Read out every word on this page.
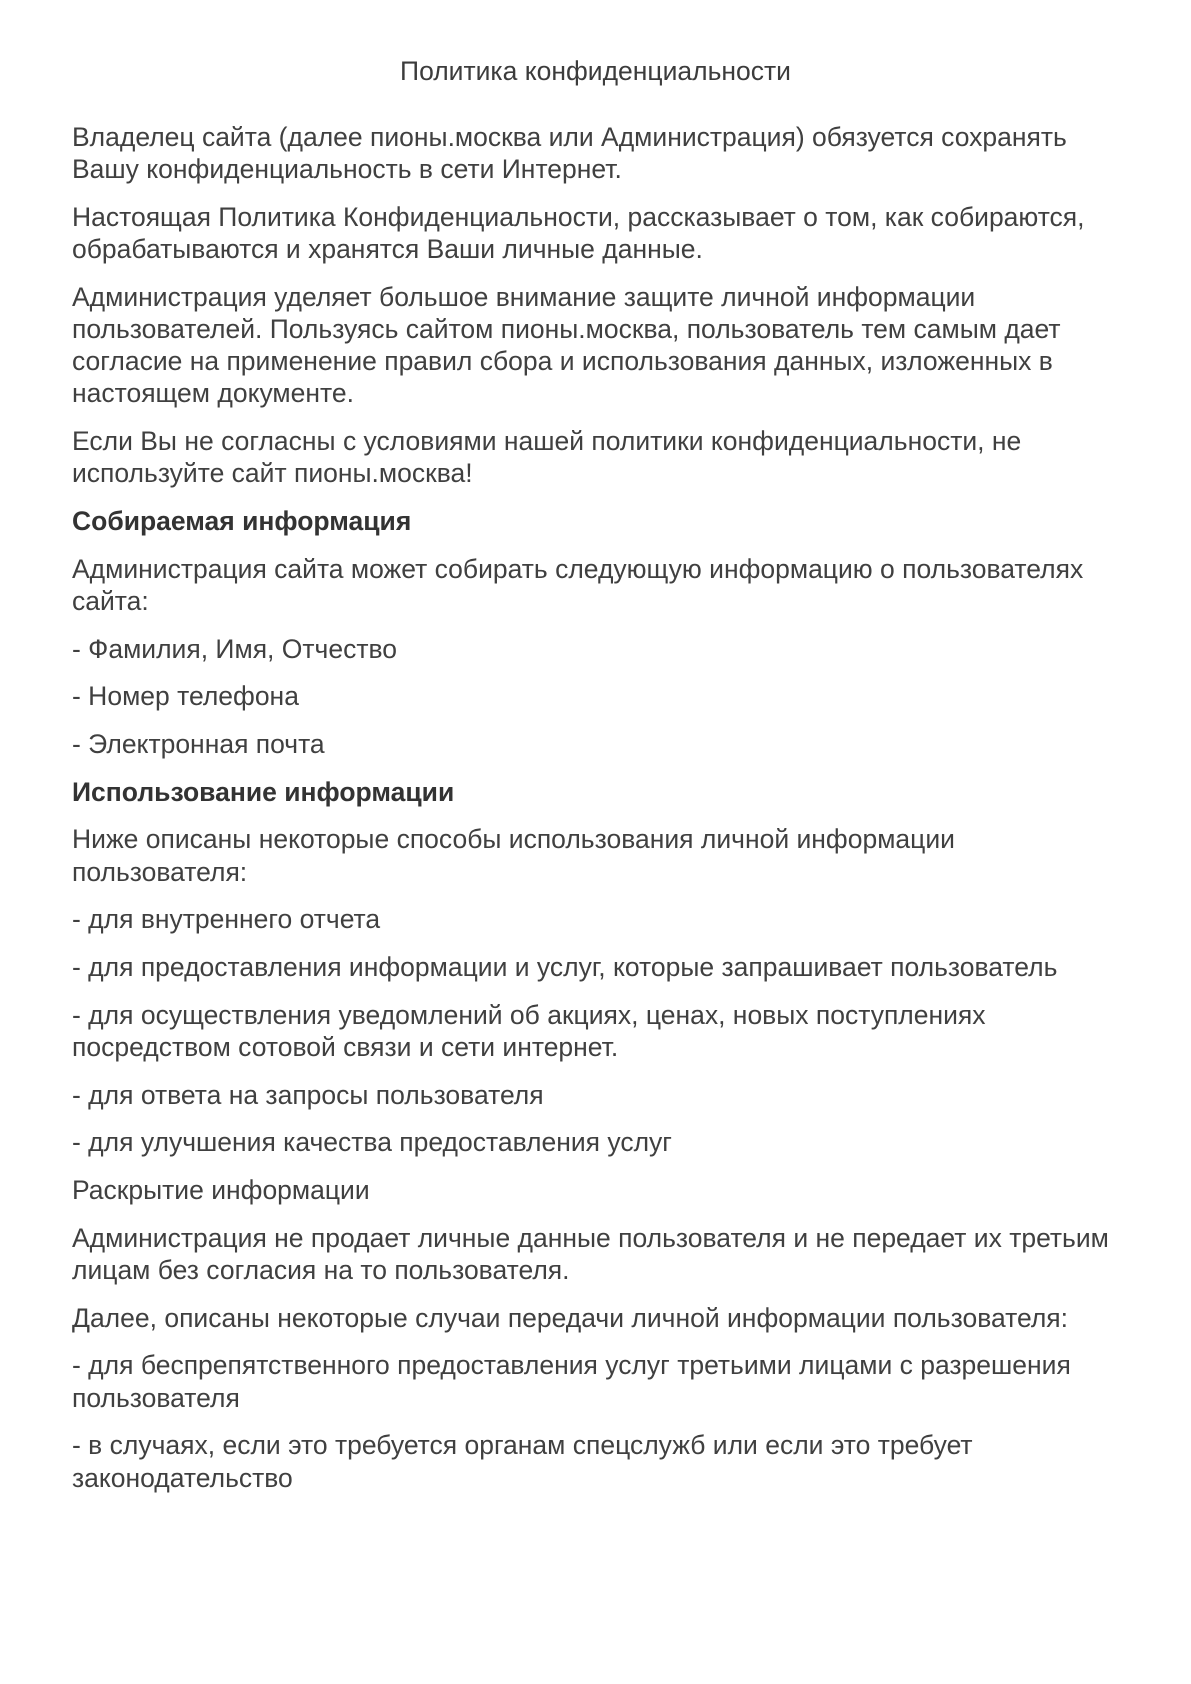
Политика конфиденциальности

Владелец сайта (далее пионы.москва или Администрация) обязуется сохранять Вашу конфиденциальность в сети Интернет.

Настоящая Политика Конфиденциальности, рассказывает о том, как собираются, обрабатываются и хранятся Ваши личные данные.

Администрация уделяет большое внимание защите личной информации пользователей. Пользуясь сайтом пионы.москва, пользователь тем самым дает согласие на применение правил сбора и использования данных, изложенных в настоящем документе.

Если Вы не согласны с условиями нашей политики конфиденциальности, не используйте сайт пионы.москва!

Собираемая информация

Администрация сайта может собирать следующую информацию о пользователях сайта:

- Фамилия, Имя, Отчество

- Номер телефона

- Электронная почта

Использование информации

Ниже описаны некоторые способы использования личной информации пользователя:

- для внутреннего отчета

- для предоставления информации и услуг, которые запрашивает пользователь

- для осуществления уведомлений об акциях, ценах, новых поступлениях посредством сотовой связи и сети интернет.

- для ответа на запросы пользователя

- для улучшения качества предоставления услуг

Раскрытие информации

Администрация не продает личные данные пользователя и не передает их третьим лицам без согласия на то пользователя.

Далее, описаны некоторые случаи передачи личной информации пользователя:

- для беспрепятственного предоставления услуг третьими лицами с разрешения пользователя

- в случаях, если это требуется органам спецслужб или если это требует законодательство
